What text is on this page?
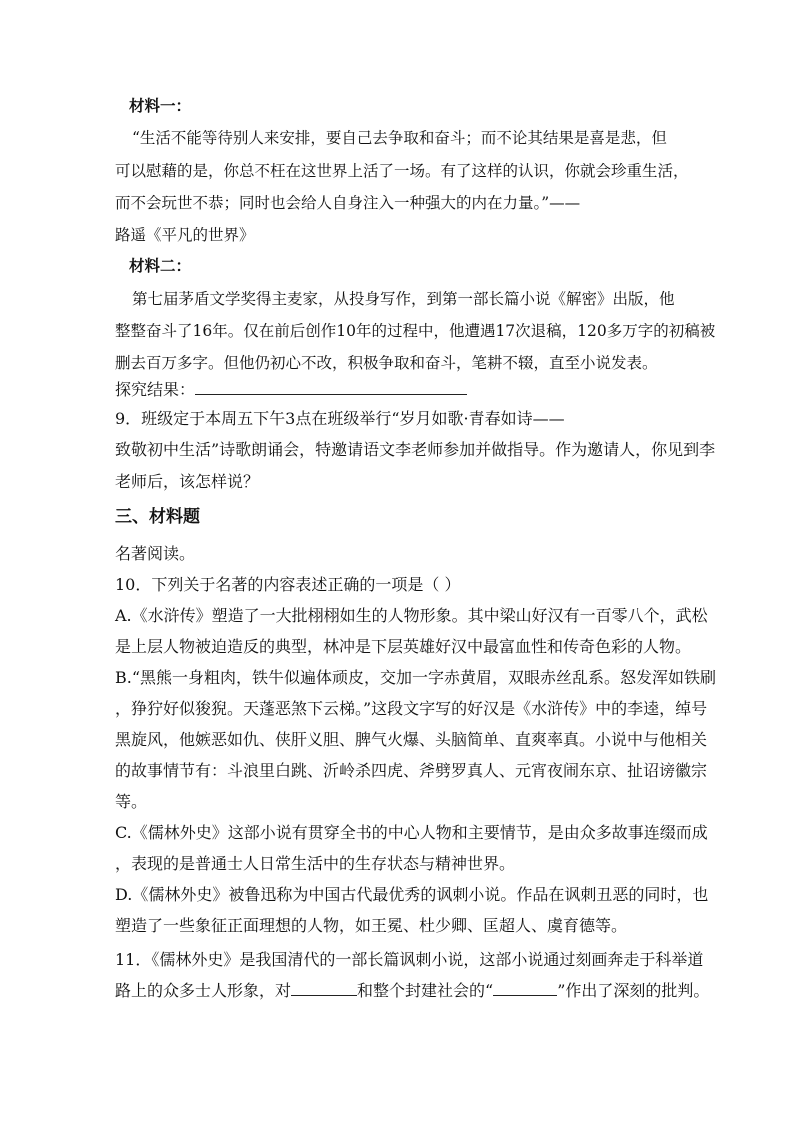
材料一：
“生活不能等待别人来安排，要自己去争取和奋斗；而不论其结果是喜是悲，但
可以慰藉的是，你总不枉在这世界上活了一场。有了这样的认识，你就会珍重生活，
而不会玩世不恭；同时也会给人自身注入一种强大的内在力量。”——
路遥《平凡的世界》
材料二：
第七届茅盾文学奖得主麦家，从投身写作，到第一部长篇小说《解密》出版，他
整整奋斗了16年。仅在前后创作10年的过程中，他遭遇17次退稿，120多万字的初稿被
删去百万多字。但他仍初心不改，积极争取和奋斗，笔耕不辍，直至小说发表。
探究结果：
9．班级定于本周五下午3点在班级举行“岁月如歌·青春如诗——
致敬初中生活”诗歌朗诵会，特邀请语文李老师参加并做指导。作为邀请人，你见到李
老师后，该怎样说？
三、材料题
名著阅读。
10．下列关于名著的内容表述正确的一项是（ ）
A.《水浒传》塑造了一大批栩栩如生的人物形象。其中梁山好汉有一百零八个，武松
是上层人物被迫造反的典型，林冲是下层英雄好汉中最富血性和传奇色彩的人物。
B.“黑熊一身粗肉，铁牛似遍体顽皮，交加一字赤黄眉，双眼赤丝乱系。怒发浑如铁刷
，狰狞好似狻猊。天蓬恶煞下云梯。”这段文字写的好汉是《水浒传》中的李逵，绰号
黑旋风，他嫉恶如仇、侠肝义胆、脾气火爆、头脑简单、直爽率真。小说中与他相关
的故事情节有：斗浪里白跳、沂岭杀四虎、斧劈罗真人、元宵夜闹东京、扯诏谤徽宗
等。
C.《儒林外史》这部小说有贯穿全书的中心人物和主要情节，是由众多故事连缀而成
，表现的是普通士人日常生活中的生存状态与精神世界。
D.《儒林外史》被鲁迅称为中国古代最优秀的讽刺小说。作品在讽刺丑恶的同时，也
塑造了一些象征正面理想的人物，如王冕、杜少卿、匡超人、虞育德等。
11．《儒林外史》是我国清代的一部长篇讽刺小说，这部小说通过刻画奔走于科举道
路上的众多士人形象，对	和整个封建社会的“	”作出了深刻的批判。
